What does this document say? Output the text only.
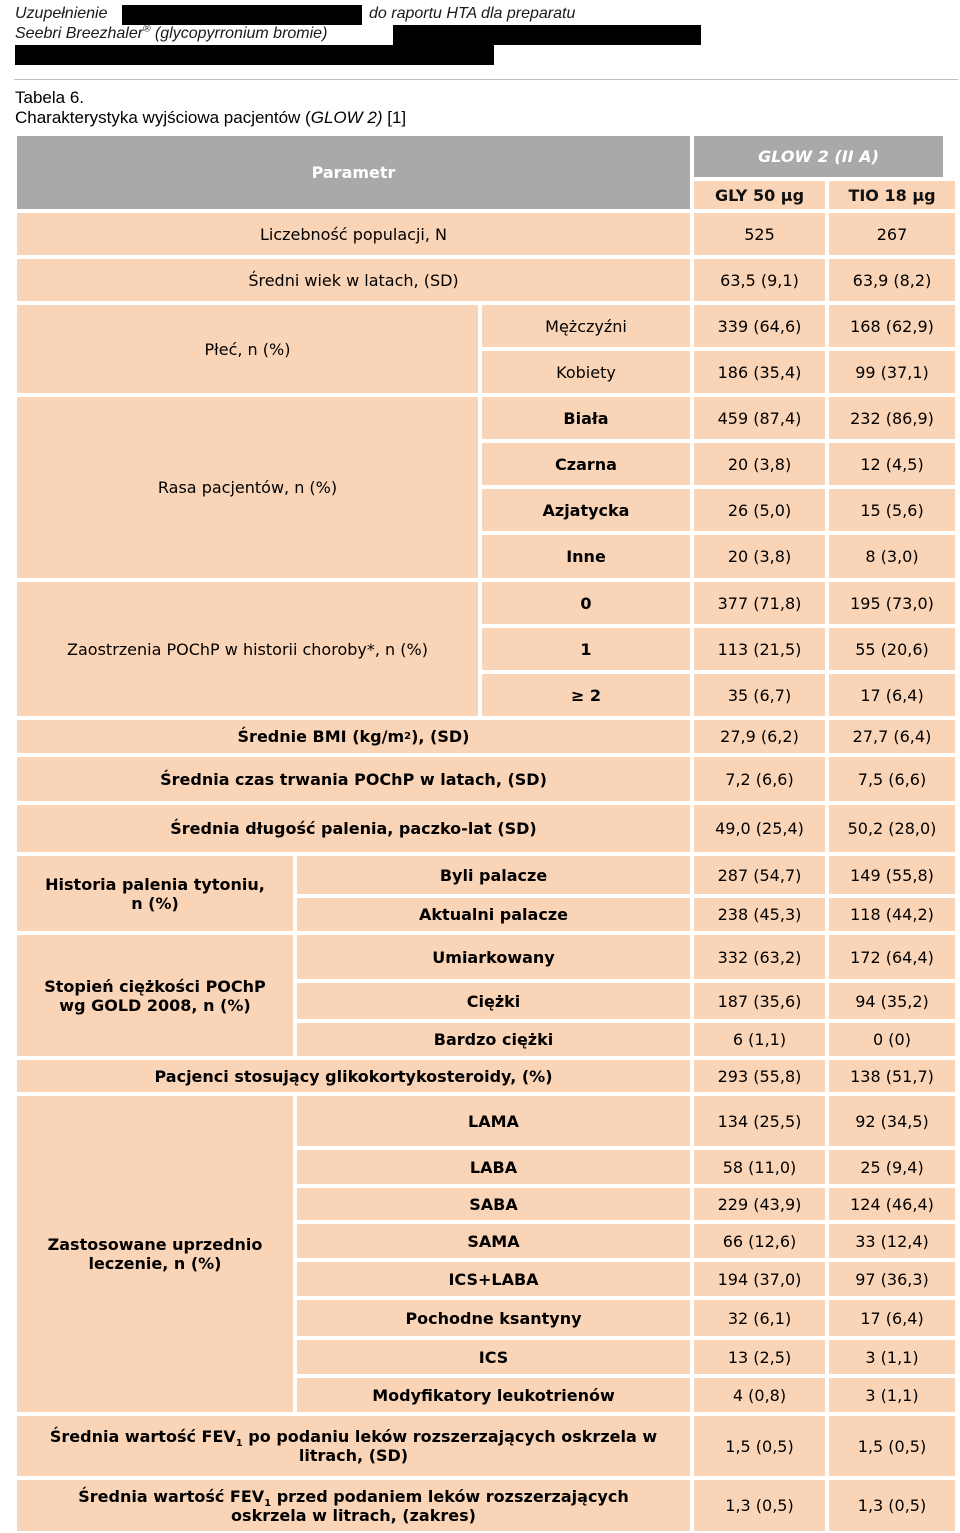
Uzupełnienie	do raportu HTA dla preparatu
Seebri Breezhaler® (glycopyrronium bromie)
Tabela 6.
Charakterystyka wyjściowa pacjentów (GLOW 2) [1]
Parametr
GLOW 2 (II A)
GLY 50 µg	TIO 18 µg
Liczebność populacji, N	525	267
Średni wiek w latach, (SD)	63,5 (9,1)	63,9 (8,2)
Płeć, n (%)
Mężczyźni	339 (64,6)	168 (62,9)
Kobiety	186 (35,4)	99 (37,1)
Rasa pacjentów, n (%)
Biała	459 (87,4)	232 (86,9)
Czarna	20 (3,8)	12 (4,5)
Azjatycka	26 (5,0)	15 (5,6)
Inne	20 (3,8)	8 (3,0)
Zaostrzenia POChP w historii choroby*, n (%)
0	377 (71,8)	195 (73,0)
1	113 (21,5)	55 (20,6)
≥ 2	35 (6,7)	17 (6,4)
Średnie BMI (kg/m 2 ), (SD)	27,9 (6,2)	27,7 (6,4)
Średnia czas trwania POChP w latach, (SD)	7,2 (6,6)	7,5 (6,6)
Średnia długość palenia, paczko-lat (SD)	49,0 (25,4)	50,2 (28,0)
Historia palenia tytoniu, n (%)
Byli palacze	287 (54,7)	149 (55,8)
Aktualni palacze	238 (45,3)	118 (44,2)
Stopień ciężkości POChP wg GOLD 2008, n (%)
Umiarkowany	332 (63,2)	172 (64,4)
Ciężki	187 (35,6)	94 (35,2)
Bardzo ciężki	6 (1,1)	0 (0)
Pacjenci stosujący glikokortykosteroidy, (%)	293 (55,8)	138 (51,7)
Zastosowane uprzednio leczenie, n (%)
LAMA	134 (25,5)	92 (34,5)
LABA	58 (11,0)	25 (9,4)
SABA	229 (43,9)	124 (46,4)
SAMA	66 (12,6)	33 (12,4)
ICS+LABA	194 (37,0)	97 (36,3)
Pochodne ksantyny	32 (6,1)	17 (6,4)
ICS	13 (2,5)	3 (1,1)
Modyfikatory leukotrienów	4 (0,8)	3 (1,1)
Średnia wartość $FEV_1$ po podaniu leków rozszerzających oskrzela w litrach, (SD)	1,5 (0,5)	1,5 (0,5)
Średnia wartość $FEV_1$ przed podaniem leków rozszerzających oskrzela w litrach, (zakres)	1,3 (0,5)	1,3 (0,5)
